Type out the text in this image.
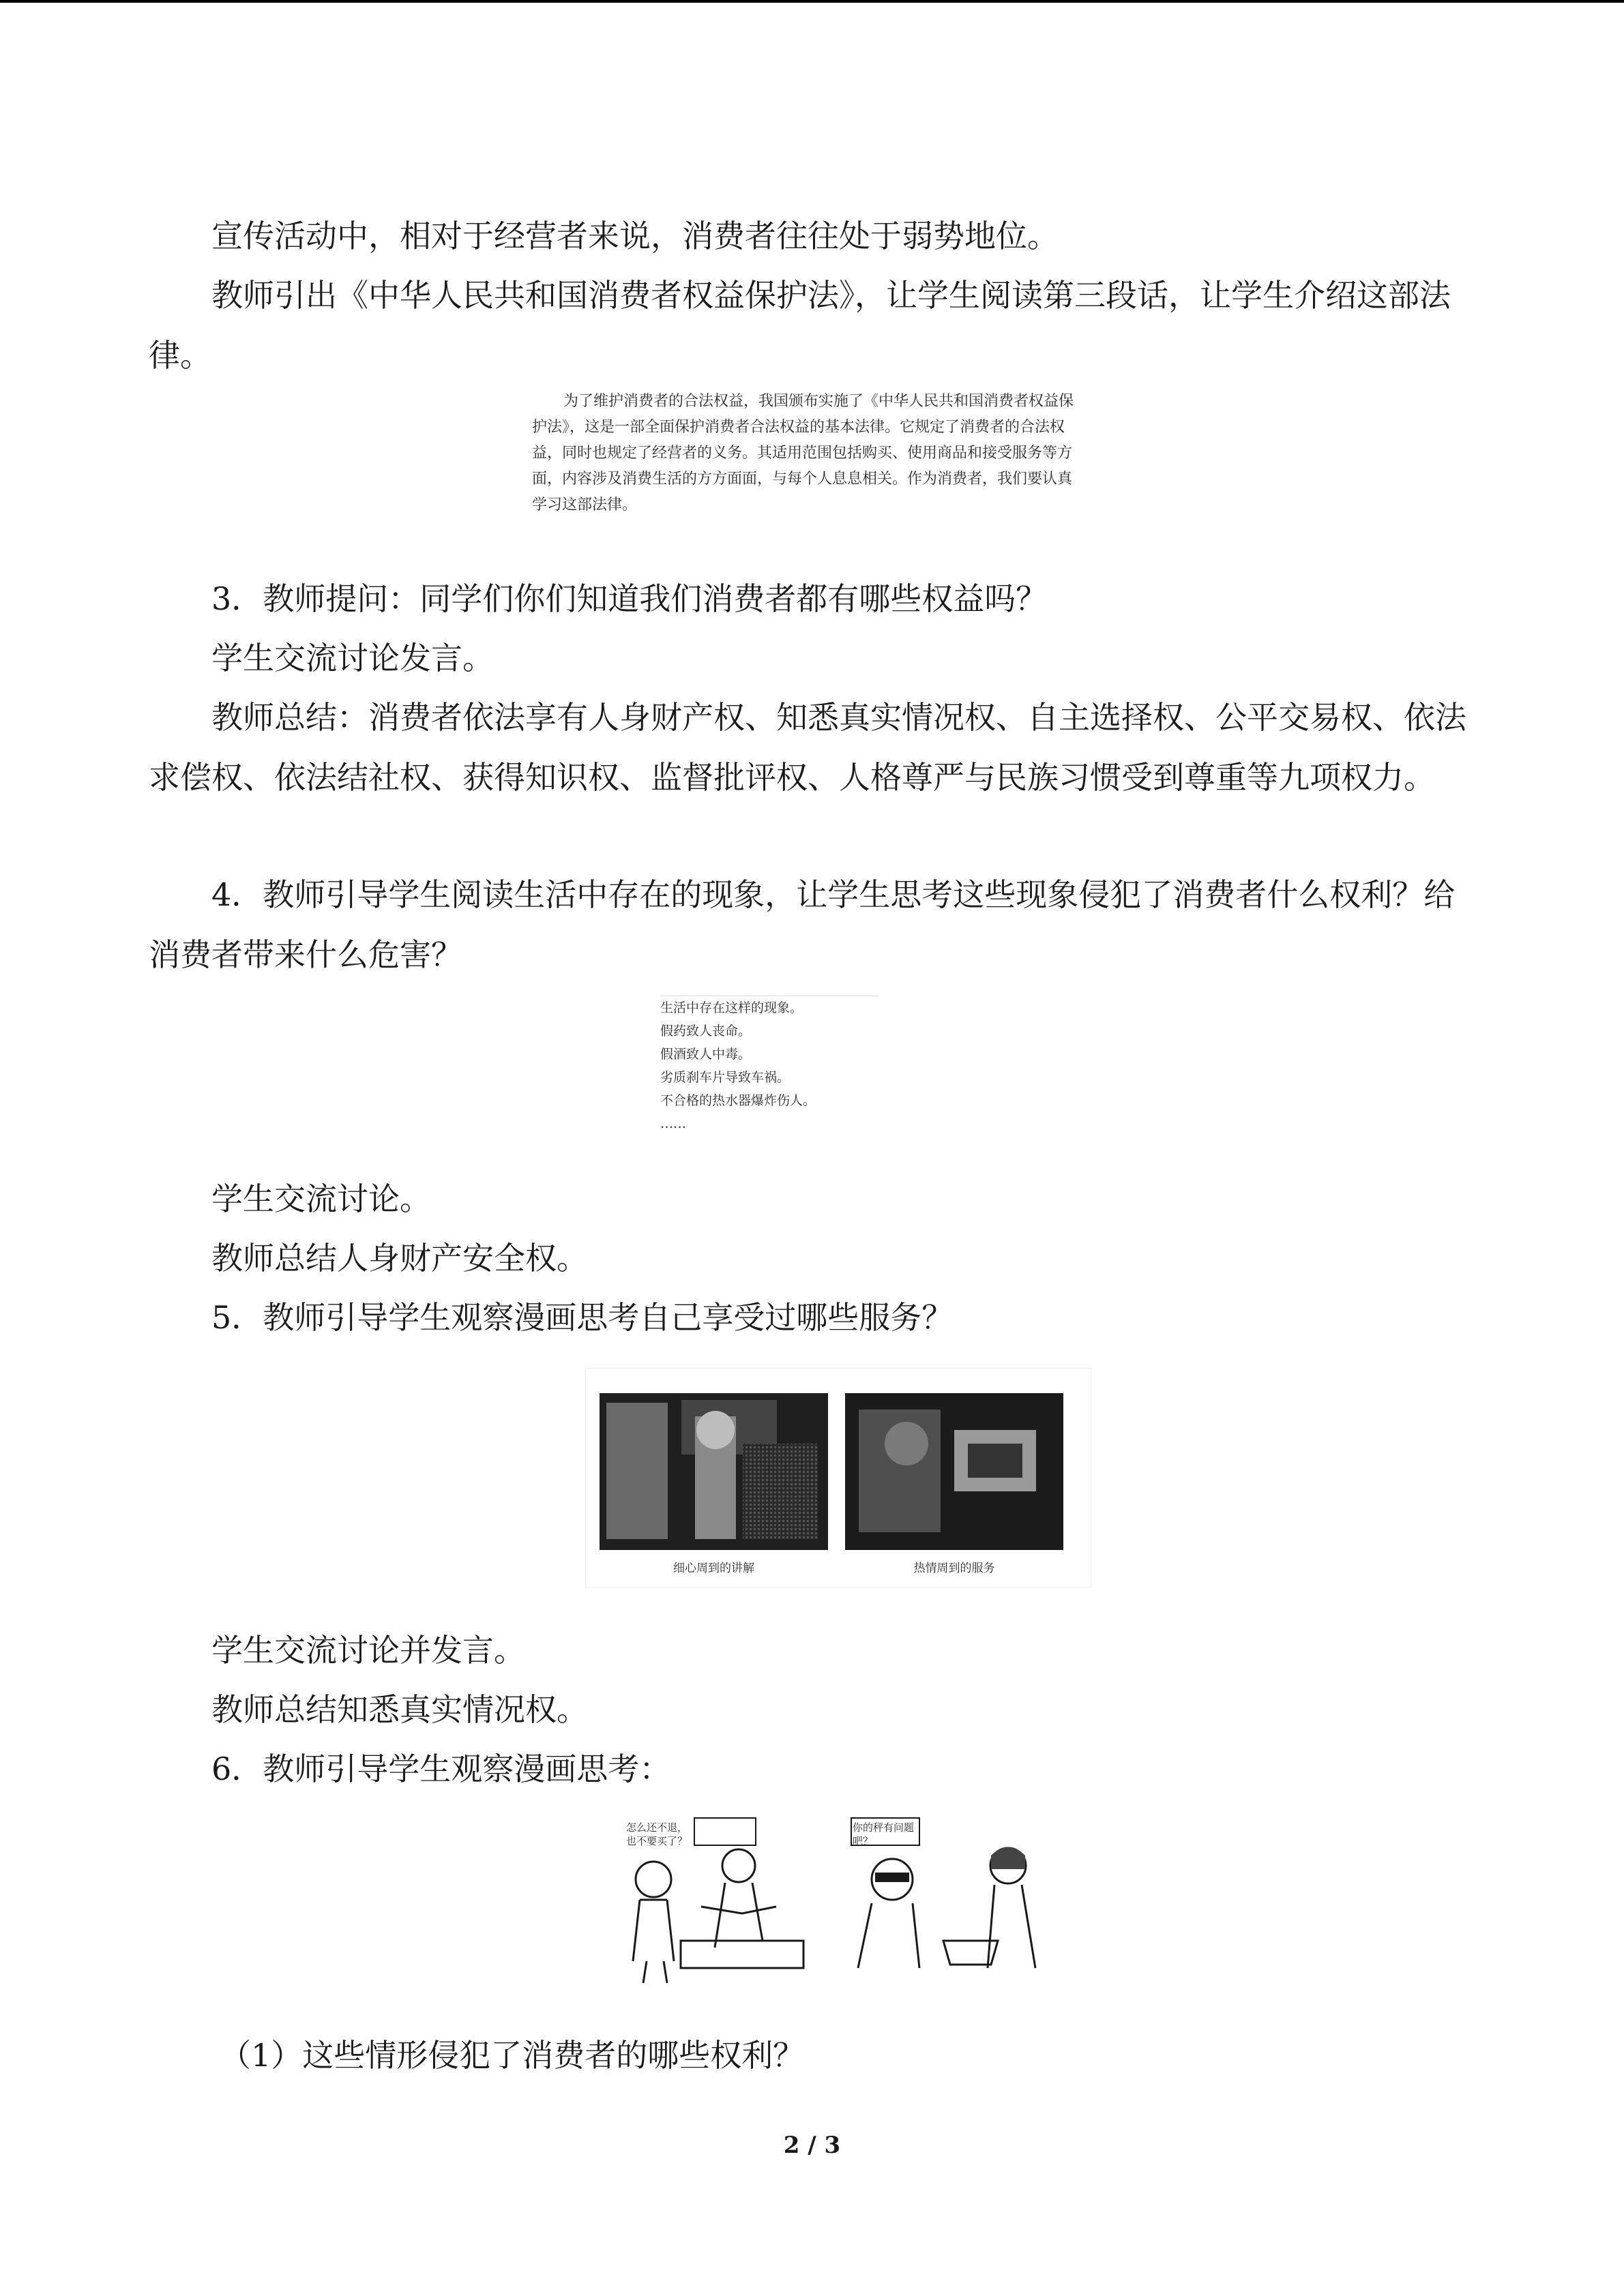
宣传活动中，相对于经营者来说，消费者往往处于弱势地位。

教师引出《中华人民共和国消费者权益保护法》，让学生阅读第三段话，让学生介绍这部法律。

为了维护消费者的合法权益，我国颁布实施了《中华人民共和国消费者权益保
护法》，这是一部全面保护消费者合法权益的基本法律。它规定了消费者的合法权
益，同时也规定了经营者的义务。其适用范围包括购买、使用商品和接受服务等方
面，内容涉及消费生活的方方面面，与每个人息息相关。作为消费者，我们要认真
学习这部法律。

3．教师提问：同学们你们知道我们消费者都有哪些权益吗？

学生交流讨论发言。

教师总结：消费者依法享有人身财产权、知悉真实情况权、自主选择权、公平交易权、依法求偿权、依法结社权、获得知识权、监督批评权、人格尊严与民族习惯受到尊重等九项权力。

4．教师引导学生阅读生活中存在的现象，让学生思考这些现象侵犯了消费者什么权利？给消费者带来什么危害？

生活中存在这样的现象。
假药致人丧命。
假酒致人中毒。
劣质刹车片导致车祸。
不合格的热水器爆炸伤人。
……

学生交流讨论。

教师总结人身财产安全权。

5．教师引导学生观察漫画思考自己享受过哪些服务？

细心周到的讲解	热情周到的服务

学生交流讨论并发言。

教师总结知悉真实情况权。

6．教师引导学生观察漫画思考：

怎么还不退，也不要买了？
你的秤有问题吧？

（1）这些情形侵犯了消费者的哪些权利？

2 / 3
